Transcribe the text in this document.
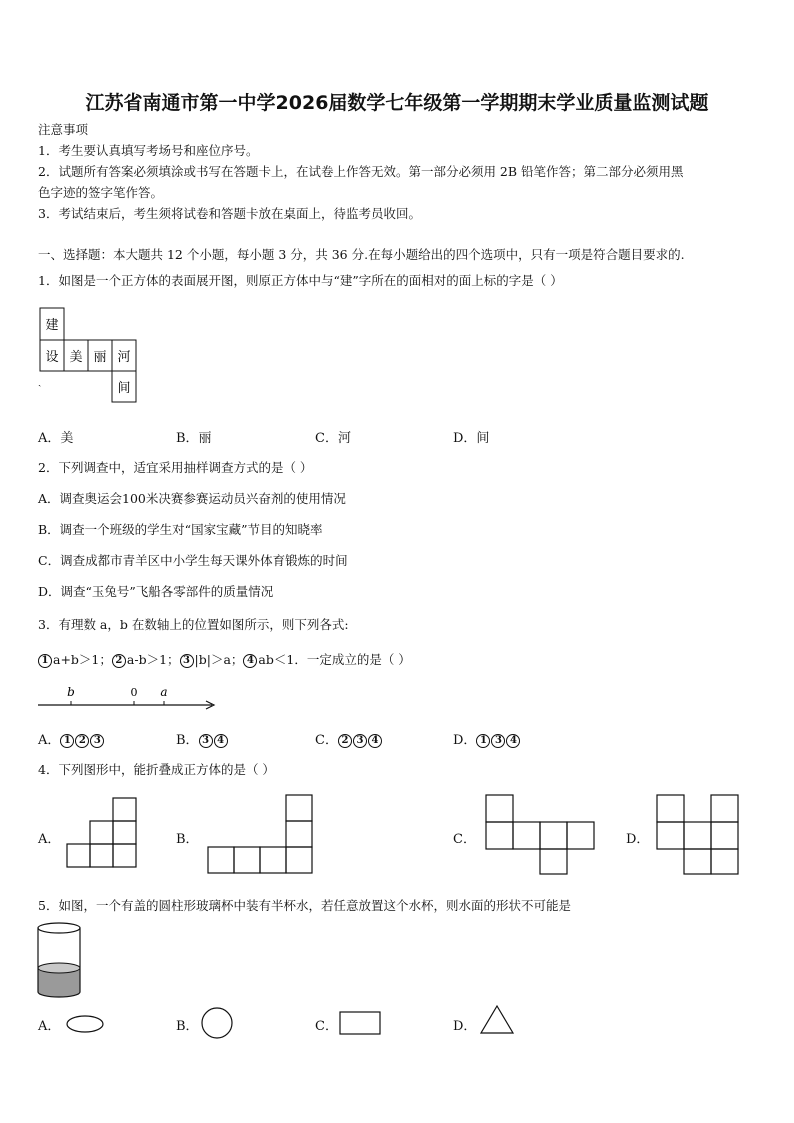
江苏省南通市第一中学2026届数学七年级第一学期期末学业质量监测试题
注意事项
1．考生要认真填写考场号和座位序号。
2．试题所有答案必须填涂或书写在答题卡上，在试卷上作答无效。第一部分必须用 2B 铅笔作答；第二部分必须用黑
色字迹的签字笔作答。
3．考试结束后，考生须将试卷和答题卡放在桌面上，待监考员收回。
一、选择题：本大题共 12 个小题，每小题 3 分，共 36 分.在每小题给出的四个选项中，只有一项是符合题目要求的.
1．如图是一个正方体的表面展开图，则原正方体中与“建”字所在的面相对的面上标的字是（ ）
建
设 美 丽 河
间
ˏ
A．美	B．丽	C．河	D．间
2．下列调查中，适宜采用抽样调查方式的是（ ）
A．调查奥运会100米决赛参赛运动员兴奋剂的使用情况
B．调查一个班级的学生对“国家宝藏”节目的知晓率
C．调查成都市青羊区中小学生每天课外体育锻炼的时间
D．调查“玉兔号”飞船各零部件的质量情况
3．有理数 a，b 在数轴上的位置如图所示，则下列各式:
1 a+b＞1； 2 a-b＞1； 3 |b|＞a； 4 ab＜1．一定成立的是（ ）
b	0 a
A． 1 2 3	B． 3 4	C． 2 3 4	D． 1 3 4
4．下列图形中，能折叠成正方体的是（ ）
A．	B．	C．	D．
5．如图，一个有盖的圆柱形玻璃杯中装有半杯水，若任意放置这个水杯，则水面的形状不可能是
A．	B．	C．	D．
